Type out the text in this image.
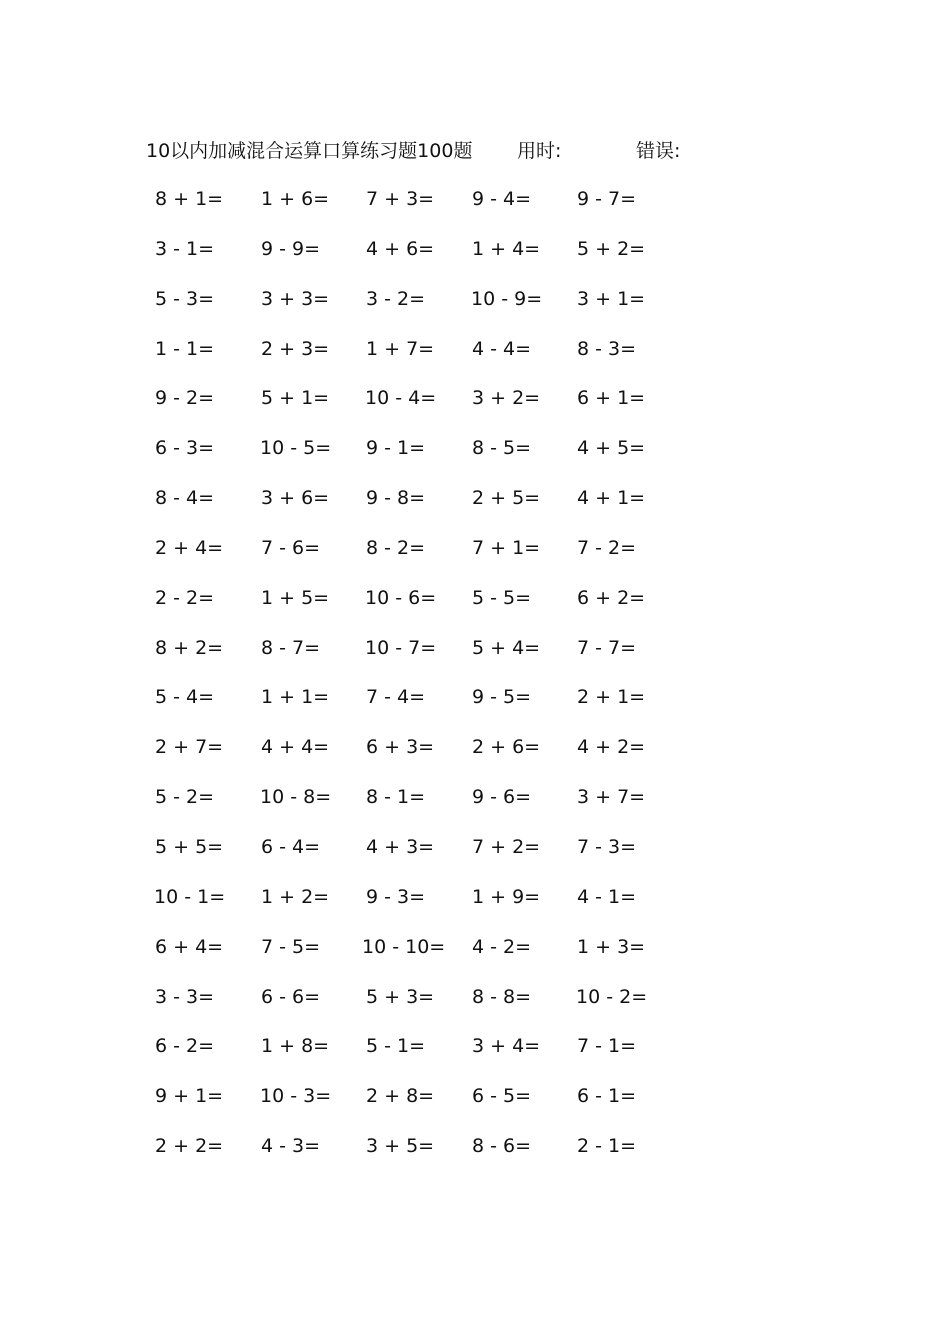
10以内加减混合运算口算练习题100题

用时:

	错误:

8 + 1=	1 + 6=	7 + 3=	9 - 4=	9 - 7=
3 - 1=	9 - 9=	4 + 6=	1 + 4=	5 + 2=
5 - 3=	3 + 3=	3 - 2=	10 - 9=	3 + 1=
1 - 1=	2 + 3=	1 + 7=	4 - 4=	8 - 3=
9 - 2=	5 + 1=	10 - 4=	3 + 2=	6 + 1=
6 - 3=	10 - 5=	9 - 1=	8 - 5=	4 + 5=
8 - 4=	3 + 6=	9 - 8=	2 + 5=	4 + 1=
2 + 4=	7 - 6=	8 - 2=	7 + 1=	7 - 2=
2 - 2=	1 + 5=	10 - 6=	5 - 5=	6 + 2=
8 + 2=	8 - 7=	10 - 7=	5 + 4=	7 - 7=
5 - 4=	1 + 1=	7 - 4=	9 - 5=	2 + 1=
2 + 7=	4 + 4=	6 + 3=	2 + 6=	4 + 2=
5 - 2=	10 - 8=	8 - 1=	9 - 6=	3 + 7=
5 + 5=	6 - 4=	4 + 3=	7 + 2=	7 - 3=
10 - 1=	1 + 2=	9 - 3=	1 + 9=	4 - 1=
6 + 4=	7 - 5=	10 - 10= 4 - 2=	1 + 3=
3 - 3=	6 - 6=	5 + 3=	8 - 8=	10 - 2=
6 - 2=	1 + 8=	5 - 1=	3 + 4=	7 - 1=
9 + 1=	10 - 3=	2 + 8=	6 - 5=	6 - 1=
2 + 2=	4 - 3=	3 + 5=	8 - 6=	2 - 1=
